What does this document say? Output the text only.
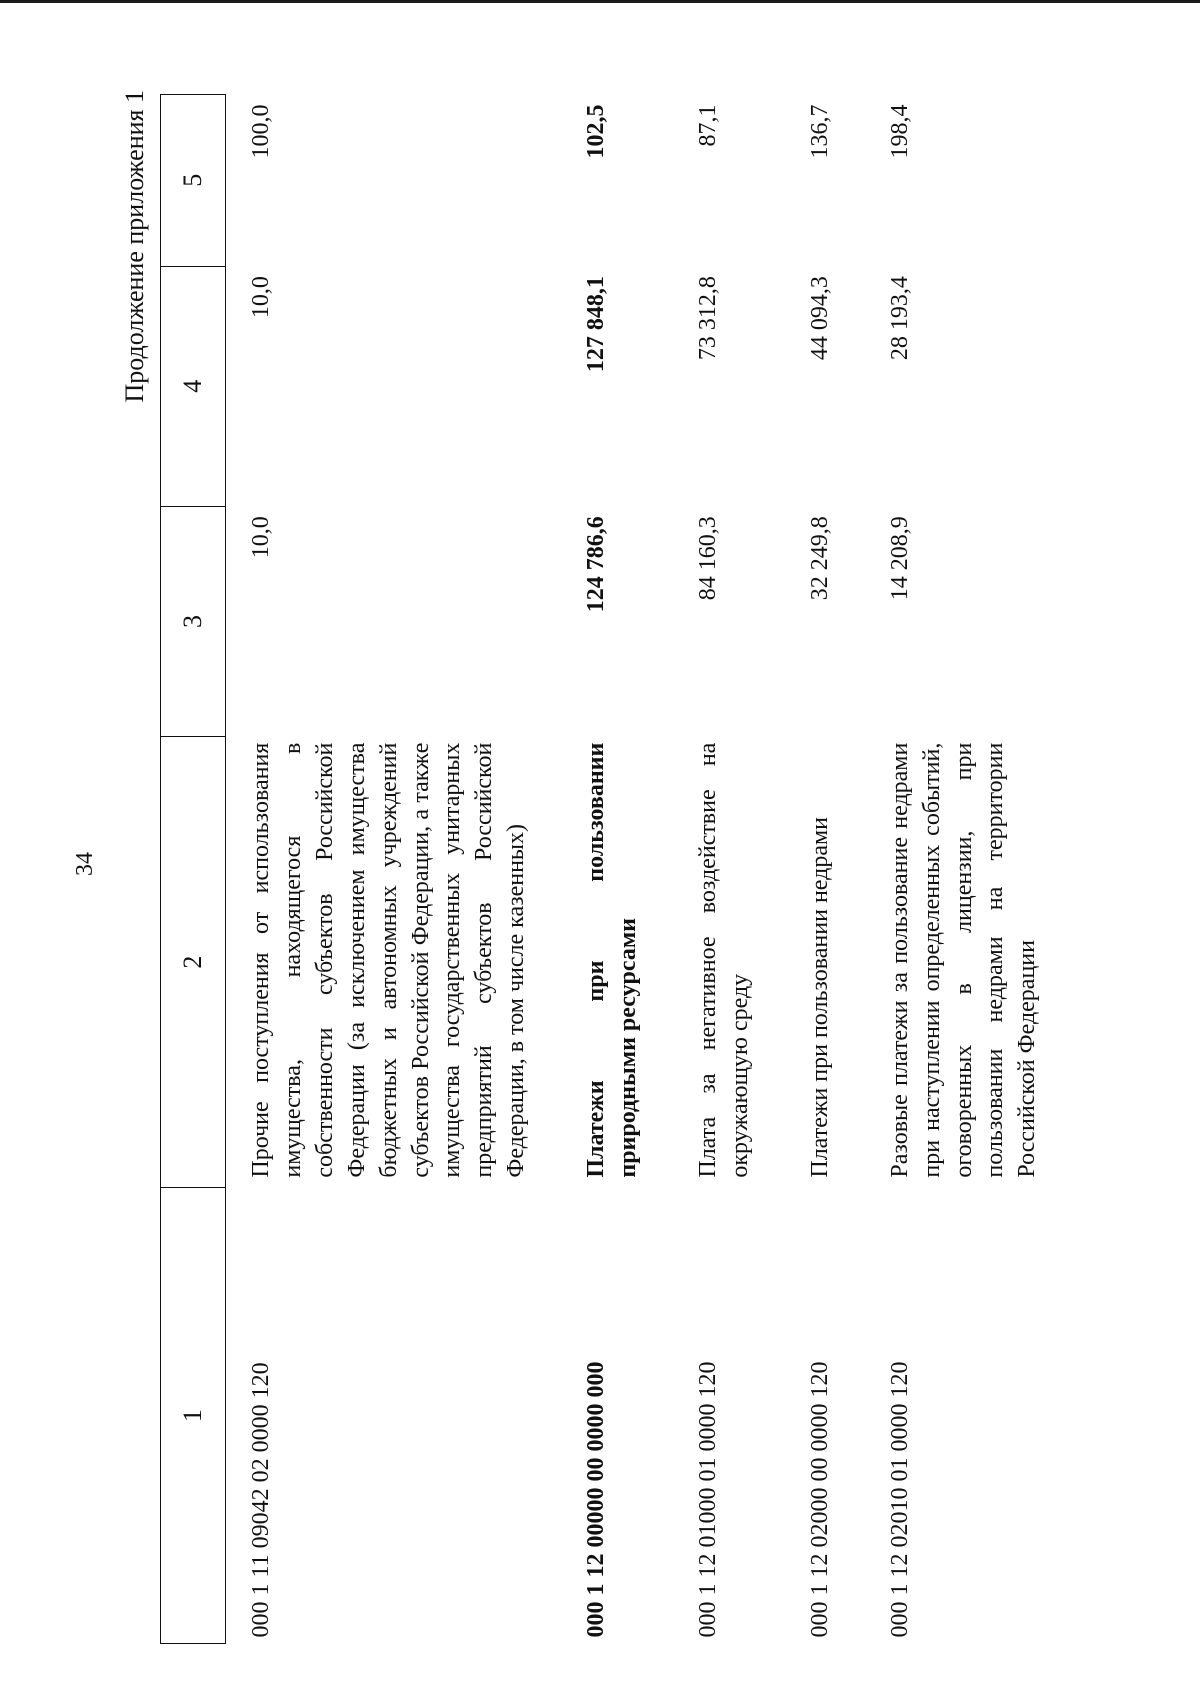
34
Продолжение приложения 1
1	2	3	4	5
000 1 11 09042 02 0000 120	Прочие поступления от использования имущества, находящегося в собственности субъектов Российской Федерации (за исключением имущества бюджетных и автономных учреждений субъектов Российской Федерации, а также имущества государственных унитарных предприятий субъектов Российской Федерации, в том числе казенных)	10,0	10,0	100,0
000 1 12 00000 00 0000 000	Платежи при пользовании природными ресурсами	124 786,6	127 848,1	102,5
000 1 12 01000 01 0000 120	Плата за негативное воздействие на окружающую среду	84 160,3	73 312,8	87,1
000 1 12 02000 00 0000 120	Платежи при пользовании недрами	32 249,8	44 094,3	136,7
000 1 12 02010 01 0000 120	Разовые платежи за пользование недрами при наступлении определенных событий, оговоренных в лицензии, при пользовании недрами на территории Российской Федерации	14 208,9	28 193,4	198,4
